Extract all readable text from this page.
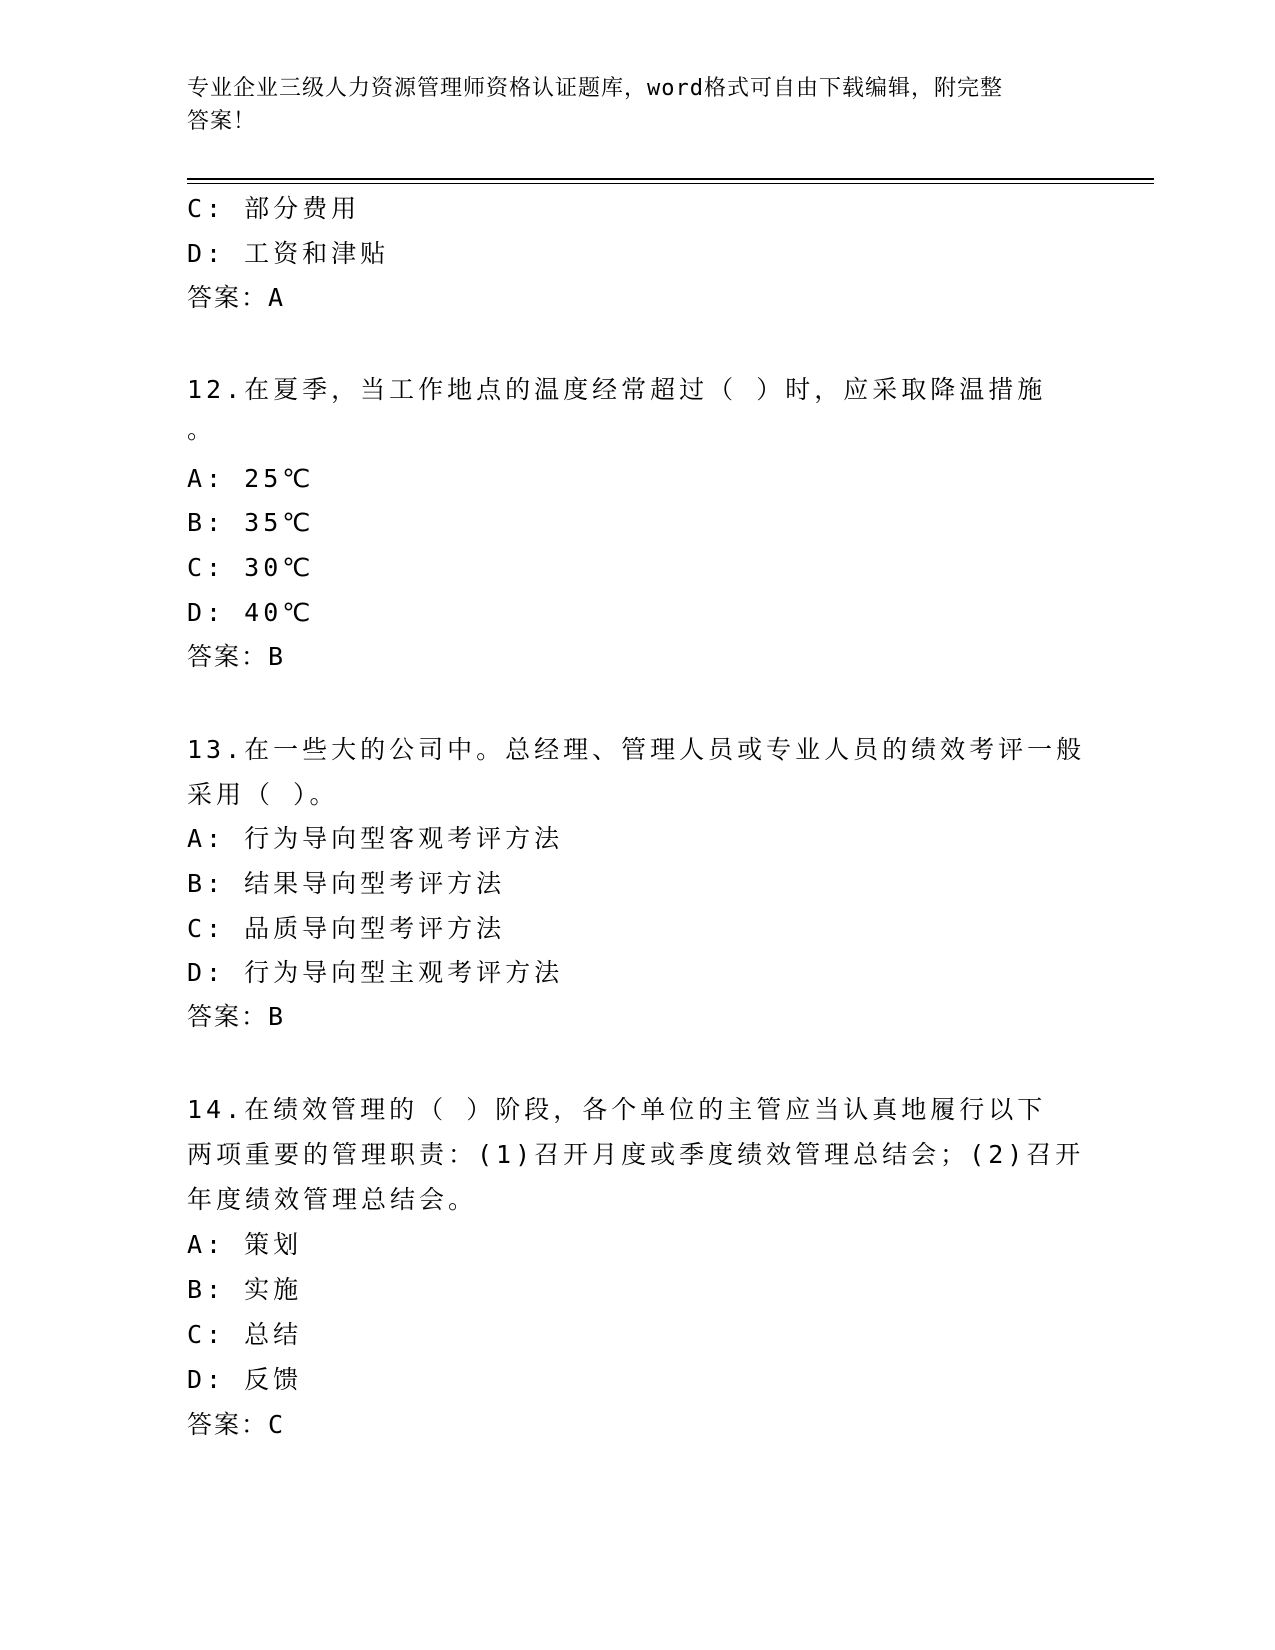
专业企业三级人力资源管理师资格认证题库，word格式可自由下载编辑，附完整
答案！
C: 部分费用
D: 工资和津贴
答案：A
12.在夏季，当工作地点的温度经常超过（ ）时，应采取降温措施
。
A: 25℃
B: 35℃
C: 30℃
D: 40℃
答案：B
13.在一些大的公司中。总经理、管理人员或专业人员的绩效考评一般
采用（ ）。
A: 行为导向型客观考评方法
B: 结果导向型考评方法
C: 品质导向型考评方法
D: 行为导向型主观考评方法
答案：B
14.在绩效管理的（ ）阶段，各个单位的主管应当认真地履行以下
两项重要的管理职责：(1)召开月度或季度绩效管理总结会；(2)召开
年度绩效管理总结会。
A: 策划
B: 实施
C: 总结
D: 反馈
答案：C
